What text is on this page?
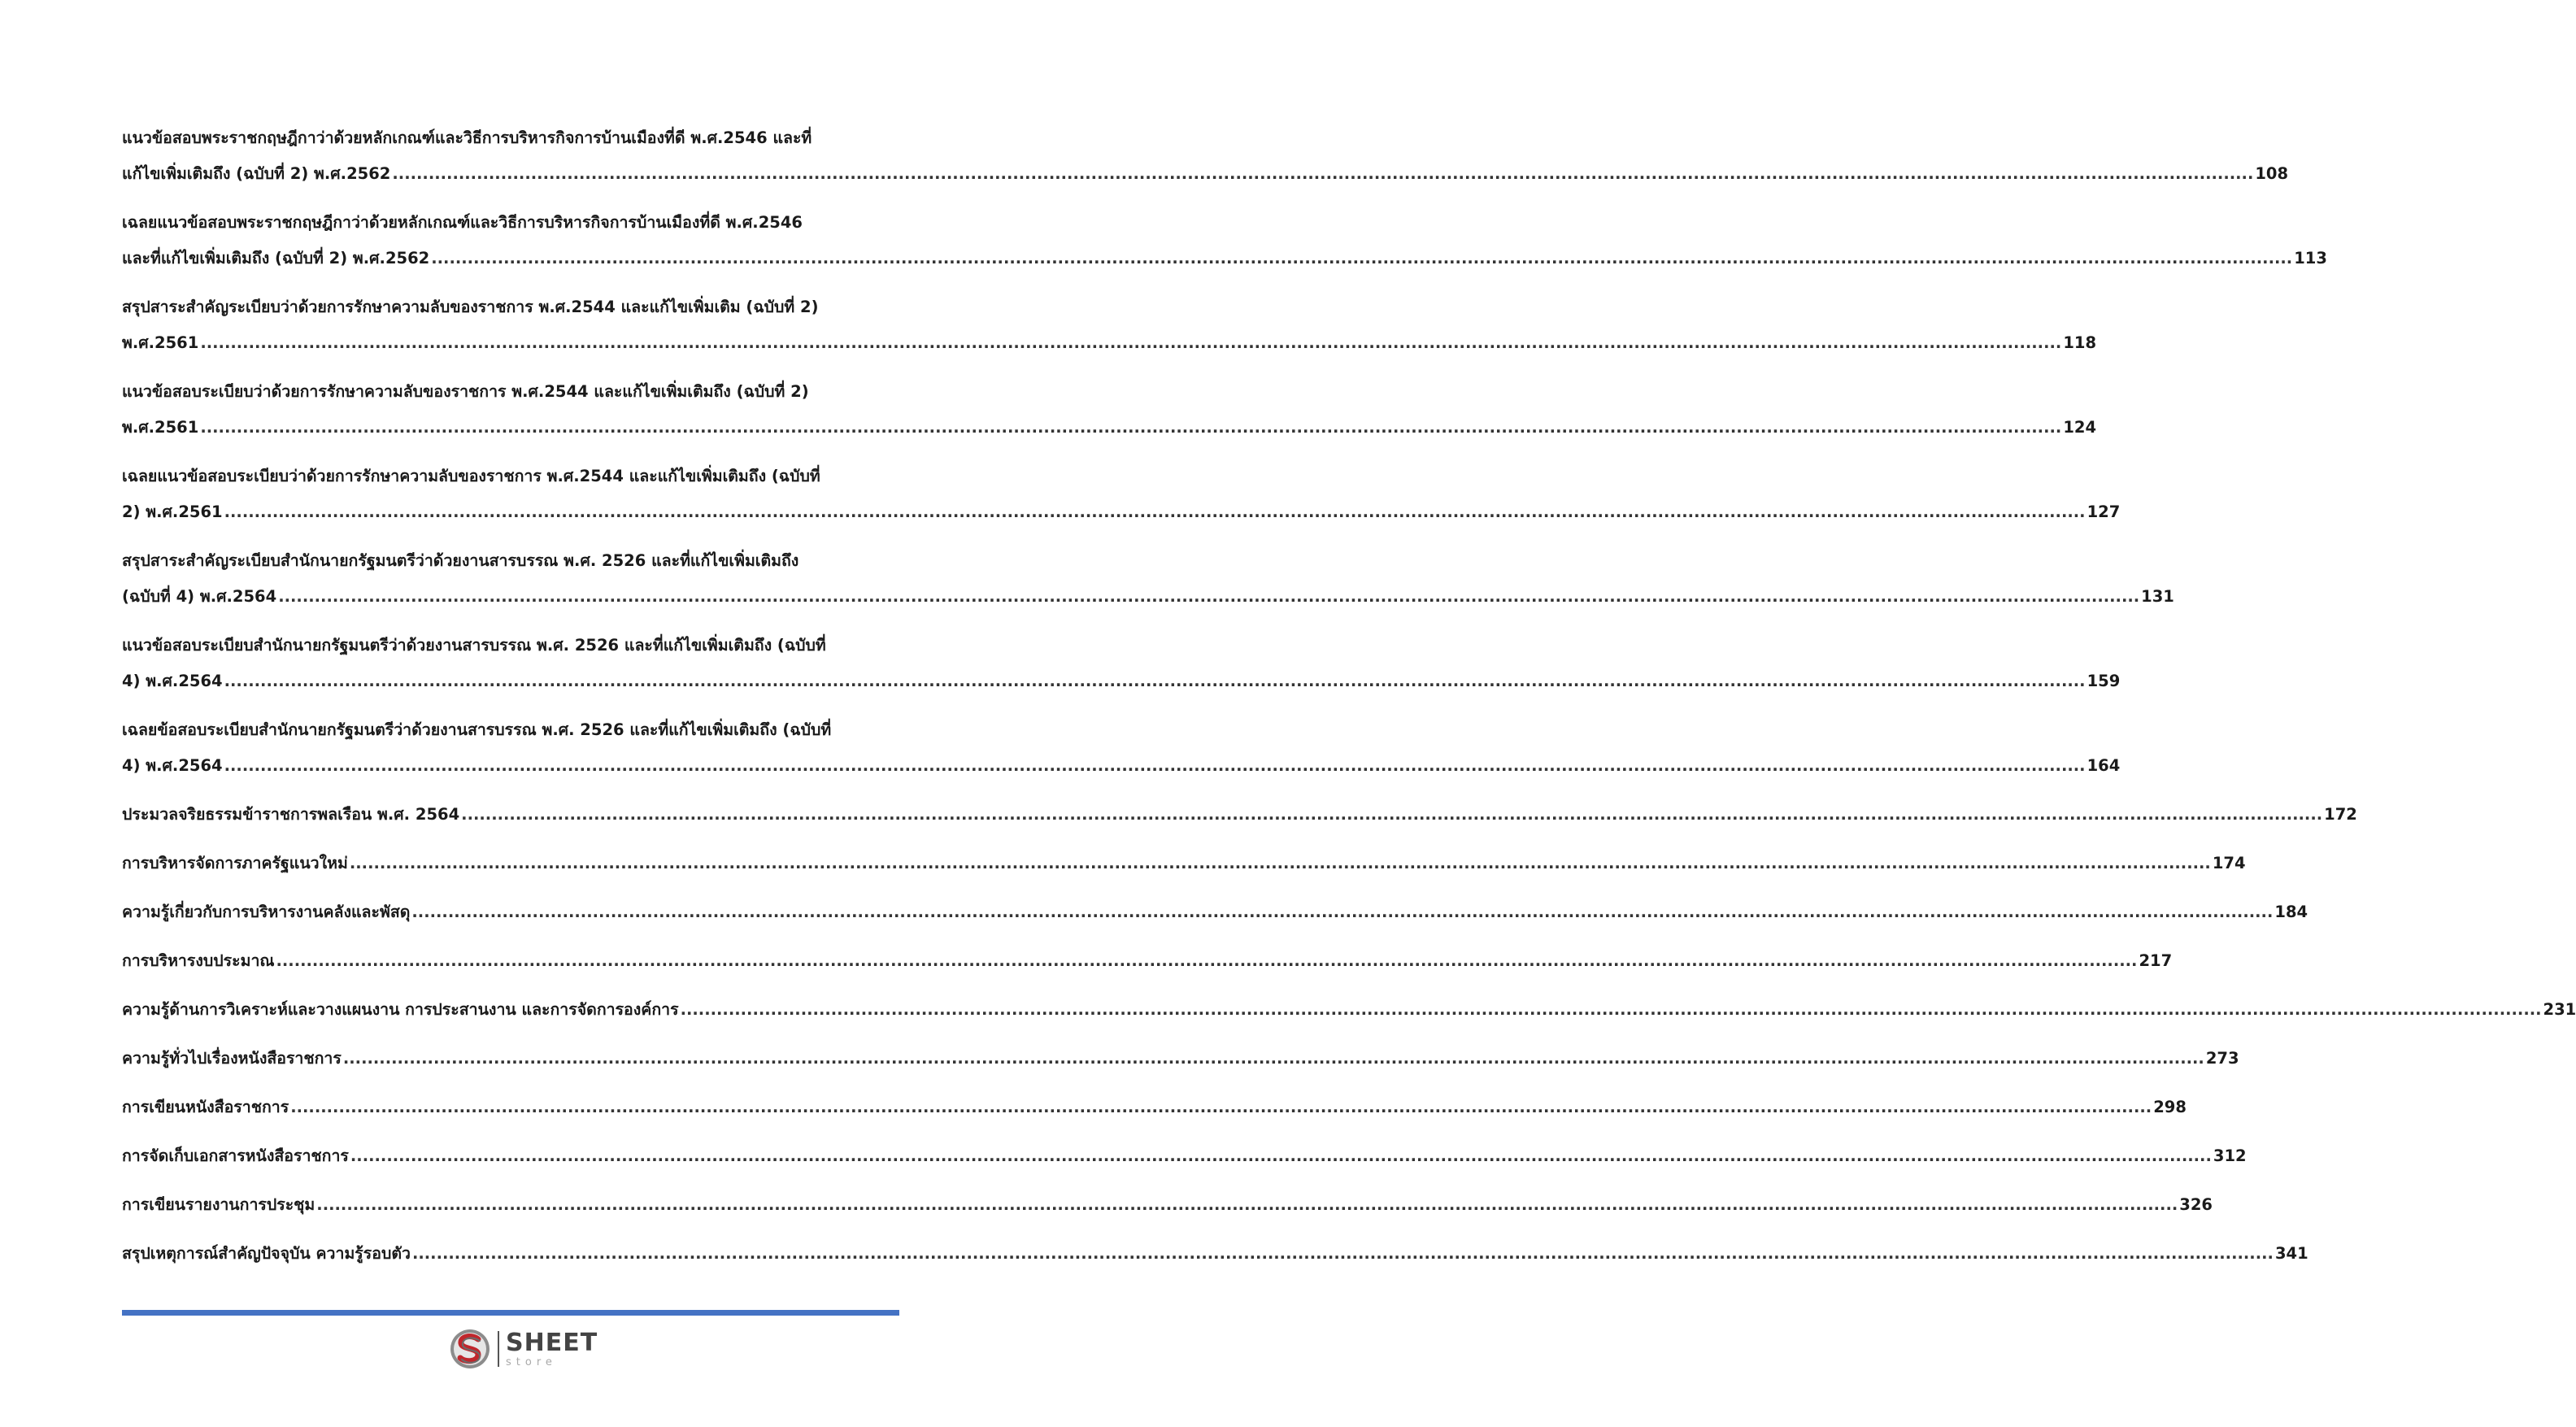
แนวข้อสอบพระราชกฤษฎีกาว่าด้วยหลักเกณฑ์และวิธีการบริหารกิจการบ้านเมืองที่ดี พ.ศ.2546 และที่
แก้ไขเพิ่มเติมถึง (ฉบับที่ 2) พ.ศ.2562 .....	108
เฉลยแนวข้อสอบพระราชกฤษฎีกาว่าด้วยหลักเกณฑ์และวิธีการบริหารกิจการบ้านเมืองที่ดี พ.ศ.2546
และที่แก้ไขเพิ่มเติมถึง (ฉบับที่ 2) พ.ศ.2562 .....	113
สรุปสาระสำคัญระเบียบว่าด้วยการรักษาความลับของราชการ พ.ศ.2544 และแก้ไขเพิ่มเติม (ฉบับที่ 2)
พ.ศ.2561 .....	118
แนวข้อสอบระเบียบว่าด้วยการรักษาความลับของราชการ พ.ศ.2544 และแก้ไขเพิ่มเติมถึง (ฉบับที่ 2)
พ.ศ.2561 .....	124
เฉลยแนวข้อสอบระเบียบว่าด้วยการรักษาความลับของราชการ พ.ศ.2544 และแก้ไขเพิ่มเติมถึง (ฉบับที่
2) พ.ศ.2561 .....	127
สรุปสาระสำคัญระเบียบสำนักนายกรัฐมนตรีว่าด้วยงานสารบรรณ พ.ศ. 2526 และที่แก้ไขเพิ่มเติมถึง
(ฉบับที่ 4) พ.ศ.2564 .....	131
แนวข้อสอบระเบียบสำนักนายกรัฐมนตรีว่าด้วยงานสารบรรณ พ.ศ. 2526 และที่แก้ไขเพิ่มเติมถึง (ฉบับที่
4) พ.ศ.2564 .....	159
เฉลยข้อสอบระเบียบสำนักนายกรัฐมนตรีว่าด้วยงานสารบรรณ พ.ศ. 2526 และที่แก้ไขเพิ่มเติมถึง (ฉบับที่
4) พ.ศ.2564 .....	164
ประมวลจริยธรรมข้าราชการพลเรือน พ.ศ. 2564 .....	172
การบริหารจัดการภาครัฐแนวใหม่ .....	174
ความรู้เกี่ยวกับการบริหารงานคลังและพัสดุ .....	184
การบริหารงบประมาณ .....	217
ความรู้ด้านการวิเคราะห์และวางแผนงาน การประสานงาน และการจัดการองค์การ .....	231
ความรู้ทั่วไปเรื่องหนังสือราชการ .....	273
การเขียนหนังสือราชการ .....	298
การจัดเก็บเอกสารหนังสือราชการ .....	312
การเขียนรายงานการประชุม .....	326
สรุปเหตุการณ์สำคัญปัจจุบัน ความรู้รอบตัว .....	341
SHEET
store
